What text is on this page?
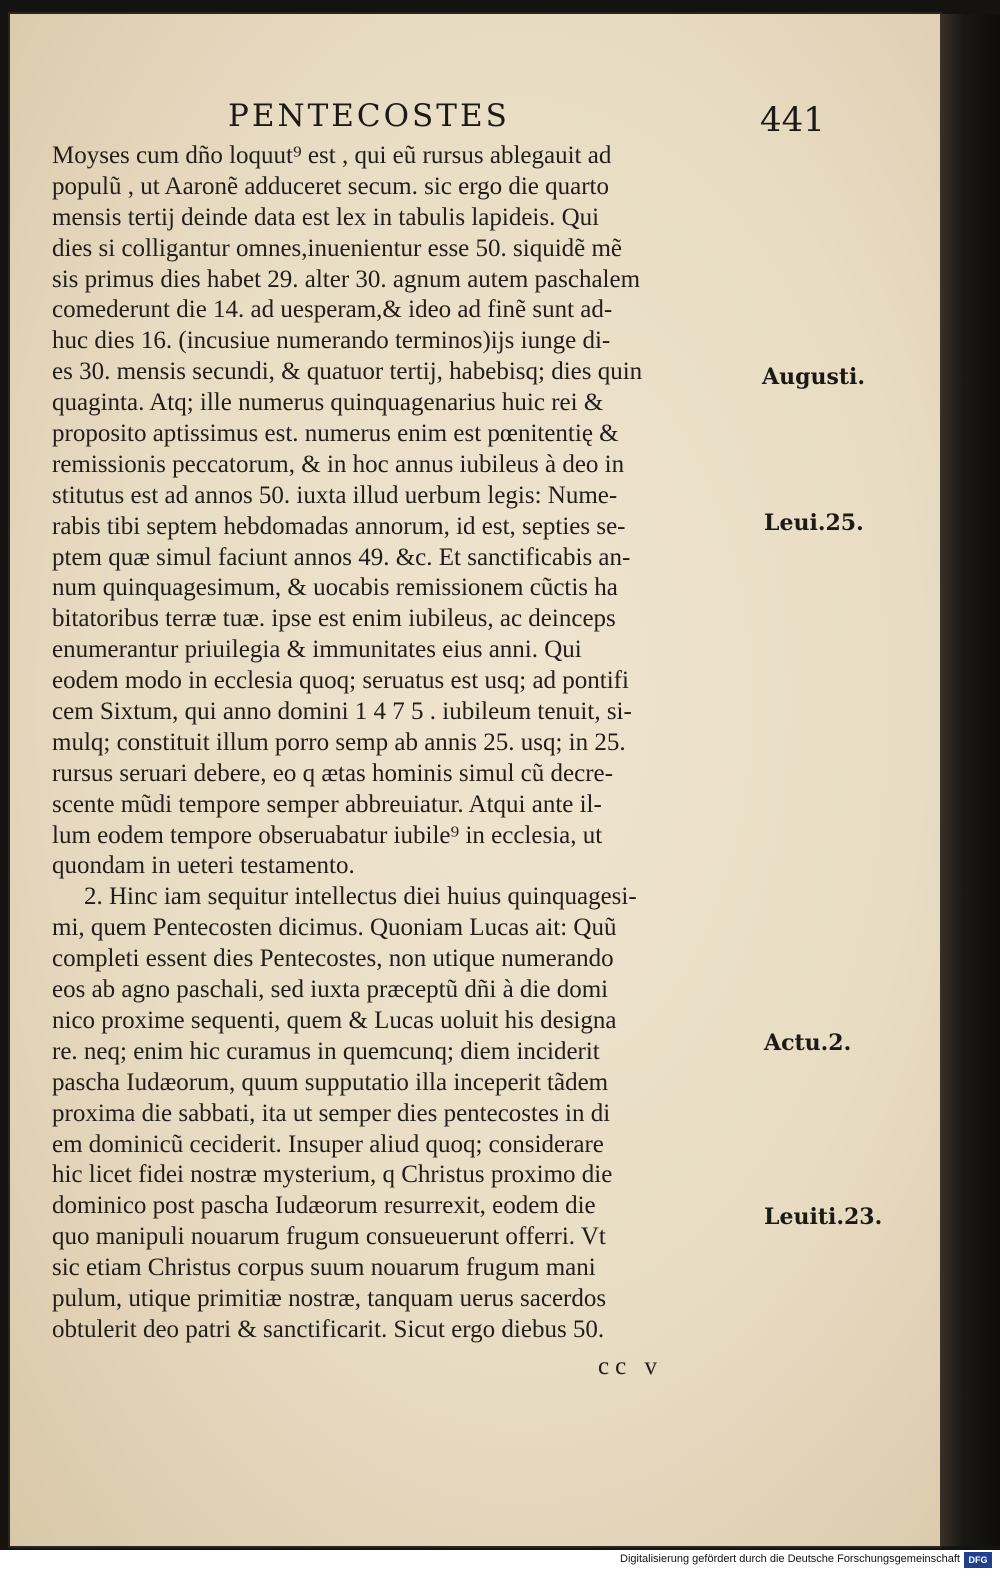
PENTECOSTES	441
Moyses cum dño loquut⁹ est , qui eũ rursus ablegauit ad
populũ , ut Aaronẽ adduceret secum. sic ergo die quarto
mensis tertij deinde data est lex in tabulis lapideis. Qui
dies si colligantur omnes,inuenientur esse 50. siquidẽ mẽ
sis primus dies habet 29. alter 30. agnum autem paschalem
comederunt die 14. ad uesperam,& ideo ad finẽ sunt ad-
huc dies 16. (incusiue numerando terminos)ijs iunge di-
es 30. mensis secundi, & quatuor tertij, habebisq; dies quin
quaginta. Atq; ille numerus quinquagenarius huic rei &
proposito aptissimus est. numerus enim est pœnitentię &
remissionis peccatorum, & in hoc annus iubileus à deo in
stitutus est ad annos 50. iuxta illud uerbum legis: Nume-
rabis tibi septem hebdomadas annorum, id est, septies se-
ptem quæ simul faciunt annos 49. &c. Et sanctificabis an-
num quinquagesimum, & uocabis remissionem cũctis ha
bitatoribus terræ tuæ. ipse est enim iubileus, ac deinceps
enumerantur priuilegia & immunitates eius anni. Qui
eodem modo in ecclesia quoq; seruatus est usq; ad pontifi
cem Sixtum, qui anno domini 1 4 7 5 . iubileum tenuit, si-
mulq; constituit illum porro semp ab annis 25. usq; in 25.
rursus seruari debere, eo q ætas hominis simul cũ decre-
scente mũdi tempore semper abbreuiatur. Atqui ante il-
lum eodem tempore obseruabatur iubile⁹ in ecclesia, ut
quondam in ueteri testamento.
2. Hinc iam sequitur intellectus diei huius quinquagesi-
mi, quem Pentecosten dicimus. Quoniam Lucas ait: Quũ
completi essent dies Pentecostes, non utique numerando
eos ab agno paschali, sed iuxta præceptũ dñi à die domi
nico proxime sequenti, quem & Lucas uoluit his designa
re. neq; enim hic curamus in quemcunq; diem inciderit
pascha Iudæorum, quum supputatio illa inceperit tãdem
proxima die sabbati, ita ut semper dies pentecostes in di
em dominicũ ceciderit. Insuper aliud quoq; considerare
hic licet fidei nostræ mysterium, q Christus proximo die
dominico post pascha Iudæorum resurrexit, eodem die
quo manipuli nouarum frugum consueuerunt offerri. Vt
sic etiam Christus corpus suum nouarum frugum mani
pulum, utique primitiæ nostræ, tanquam uerus sacerdos
obtulerit deo patri & sanctificarit. Sicut ergo diebus 50.
Augusti.
Leui.25.
Actu.2.
Leuiti.23.
cc v
Digitalisierung gefördert durch die Deutsche Forschungsgemeinschaft DFG
